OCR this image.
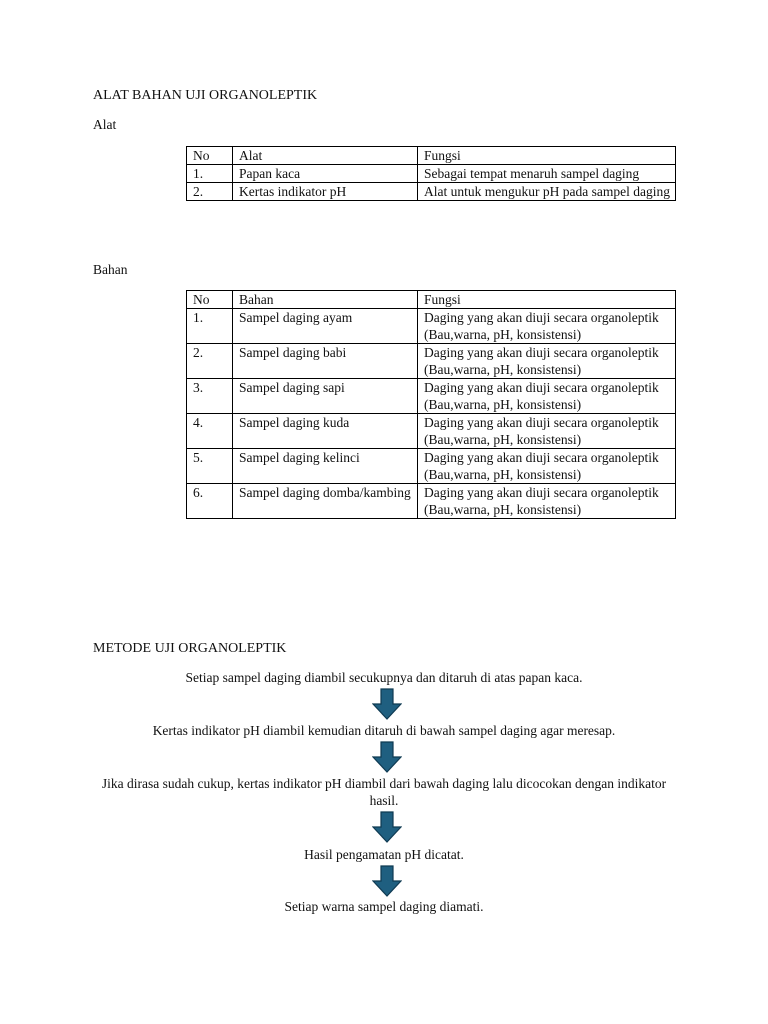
ALAT BAHAN UJI ORGANOLEPTIK

Alat

No	Alat	Fungsi
1.	Papan kaca	Sebagai tempat menaruh sampel daging
2.	Kertas indikator pH	Alat untuk mengukur pH pada sampel daging

Bahan

No	Bahan	Fungsi
1.	Sampel daging ayam	Daging yang akan diuji secara organoleptik (Bau,warna, pH, konsistensi)
2.	Sampel daging babi	Daging yang akan diuji secara organoleptik (Bau,warna, pH, konsistensi)
3.	Sampel daging sapi	Daging yang akan diuji secara organoleptik (Bau,warna, pH, konsistensi)
4.	Sampel daging kuda	Daging yang akan diuji secara organoleptik (Bau,warna, pH, konsistensi)
5.	Sampel daging kelinci	Daging yang akan diuji secara organoleptik (Bau,warna, pH, konsistensi)
6.	Sampel daging domba/kambing	Daging yang akan diuji secara organoleptik (Bau,warna, pH, konsistensi)
METODE UJI ORGANOLEPTIK

Setiap sampel daging diambil secukupnya dan ditaruh di atas papan kaca.

Kertas indikator pH diambil kemudian ditaruh di bawah sampel daging agar meresap.

Jika dirasa sudah cukup, kertas indikator pH diambil dari bawah daging lalu dicocokan dengan indikator hasil.

Hasil pengamatan pH dicatat.

Setiap warna sampel daging diamati.
